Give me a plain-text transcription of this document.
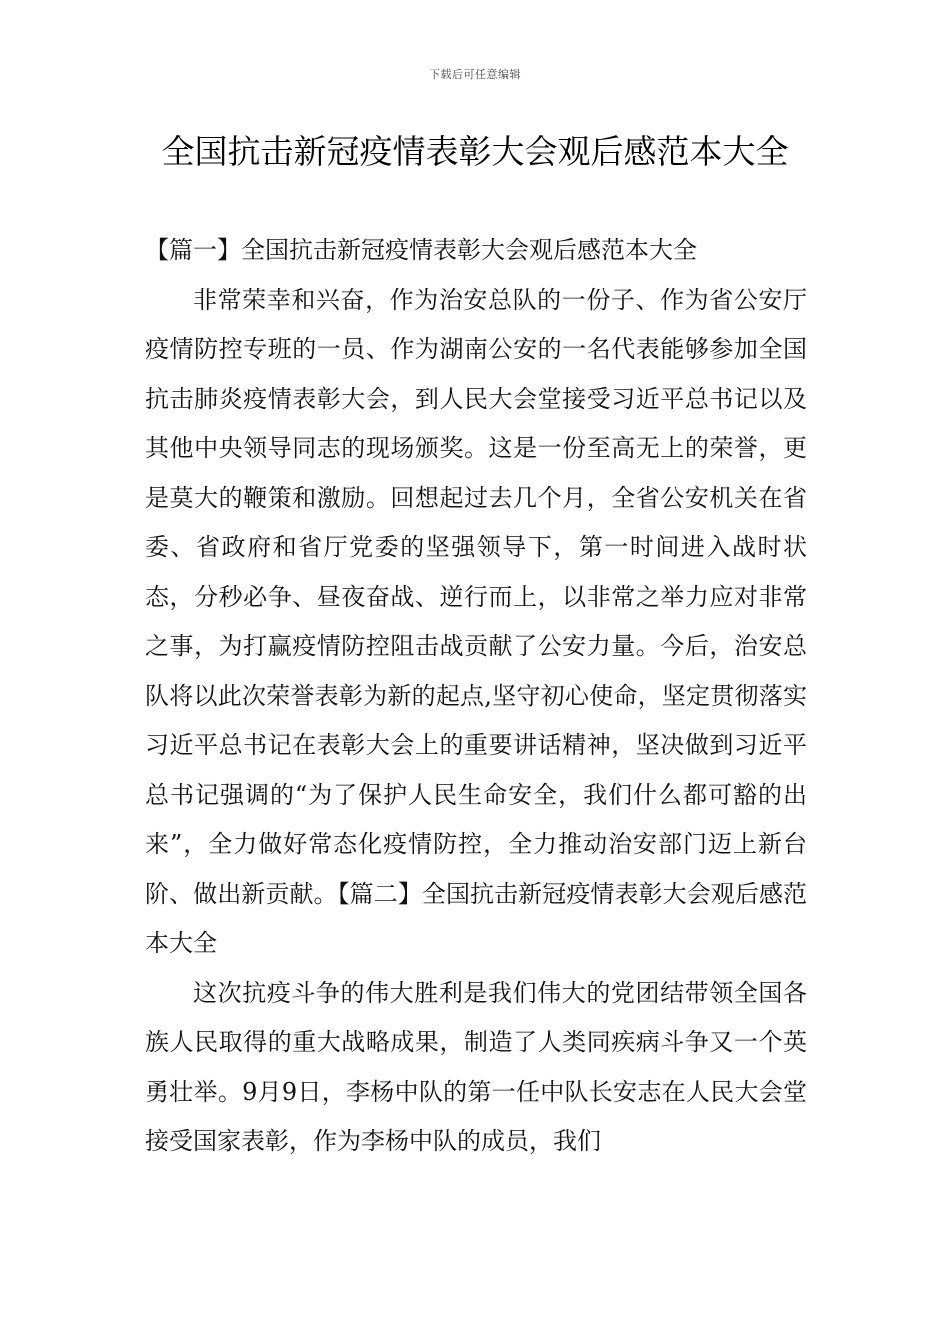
下载后可任意编辑
全国抗击新冠疫情表彰大会观后感范本大全

【篇一】全国抗击新冠疫情表彰大会观后感范本大全

非常荣幸和兴奋，作为治安总队的一份子、作为省公安厅疫情防控专班的一员、作为湖南公安的一名代表能够参加全国抗击肺炎疫情表彰大会，到人民大会堂接受习近平总书记以及其他中央领导同志的现场颁奖。这是一份至高无上的荣誉，更是莫大的鞭策和激励。回想起过去几个月，全省公安机关在省委、省政府和省厅党委的坚强领导下，第一时间进入战时状态，分秒必争、昼夜奋战、逆行而上，以非常之举力应对非常之事，为打赢疫情防控阻击战贡献了公安力量。今后，治安总队将以此次荣誉表彰为新的起点,坚守初心使命，坚定贯彻落实习近平总书记在表彰大会上的重要讲话精神，坚决做到习近平总书记强调的“为了保护人民生命安全，我们什么都可豁的出来”，全力做好常态化疫情防控，全力推动治安部门迈上新台阶、做出新贡献。【篇二】全国抗击新冠疫情表彰大会观后感范本大全

这次抗疫斗争的伟大胜利是我们伟大的党团结带领全国各族人民取得的重大战略成果，制造了人类同疾病斗争又一个英勇壮举。9月9日，李杨中队的第一任中队长安志在人民大会堂接受国家表彰，作为李杨中队的成员，我们
